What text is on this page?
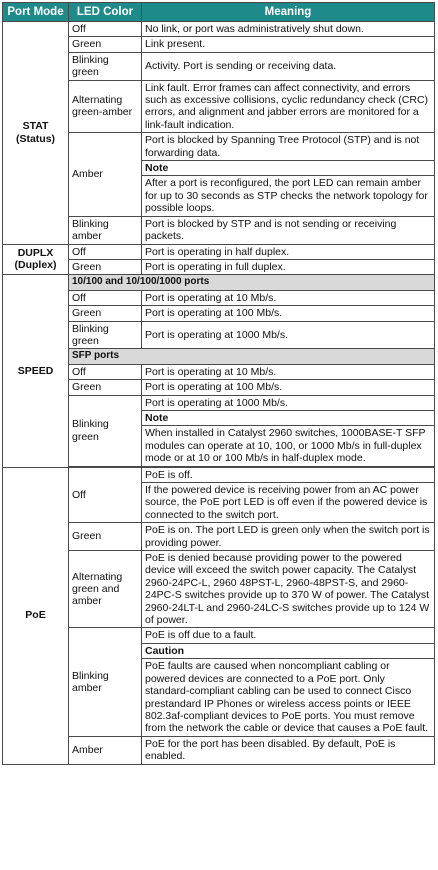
Port Mode	LED Color	Meaning
STAT
(Status)	Off	No link, or port was administratively shut down.
	Green	Link present.
	Blinking green	Activity. Port is sending or receiving data.
	Alternating green-amber	Link fault. Error frames can affect connectivity, and errors such as excessive collisions, cyclic redundancy check (CRC) errors, and alignment and jabber errors are monitored for a link-fault indication.
	Amber	Port is blocked by Spanning Tree Protocol (STP) and is not forwarding data.
		Note
		After a port is reconfigured, the port LED can remain amber for up to 30 seconds as STP checks the network topology for possible loops.
	Blinking amber	Port is blocked by STP and is not sending or receiving packets.
DUPLX
(Duplex)	Off	Port is operating in half duplex.
	Green	Port is operating in full duplex.
SPEED	10/100 and 10/100/1000 ports	
	Off	Port is operating at 10 Mb/s.
	Green	Port is operating at 100 Mb/s.
	Blinking green	Port is operating at 1000 Mb/s.
	SFP ports	
	Off	Port is operating at 10 Mb/s.
	Green	Port is operating at 100 Mb/s.
	Blinking green	Port is operating at 1000 Mb/s.
		Note
		When installed in Catalyst 2960 switches, 1000BASE-T SFP modules can operate at 10, 100, or 1000 Mb/s in full-duplex mode or at 10 or 100 Mb/s in half-duplex mode.

PoE	Off	PoE is off.
		If the powered device is receiving power from an AC power source, the PoE port LED is off even if the powered device is connected to the switch port.
	Green	PoE is on. The port LED is green only when the switch port is providing power.
	Alternating green and amber	PoE is denied because providing power to the powered device will exceed the switch power capacity. The Catalyst 2960-24PC-L, 2960 48PST-L, 2960-48PST-S, and 2960-24PC-S switches provide up to 370 W of power. The Catalyst 2960-24LT-L and 2960-24LC-S switches provide up to 124 W of power.
	Blinking amber	PoE is off due to a fault.
		Caution
		PoE faults are caused when noncompliant cabling or powered devices are connected to a PoE port. Only standard-compliant cabling can be used to connect Cisco prestandard IP Phones or wireless access points or IEEE 802.3af-compliant devices to PoE ports. You must remove from the network the cable or device that causes a PoE fault.
	Amber	PoE for the port has been disabled. By default, PoE is enabled.
